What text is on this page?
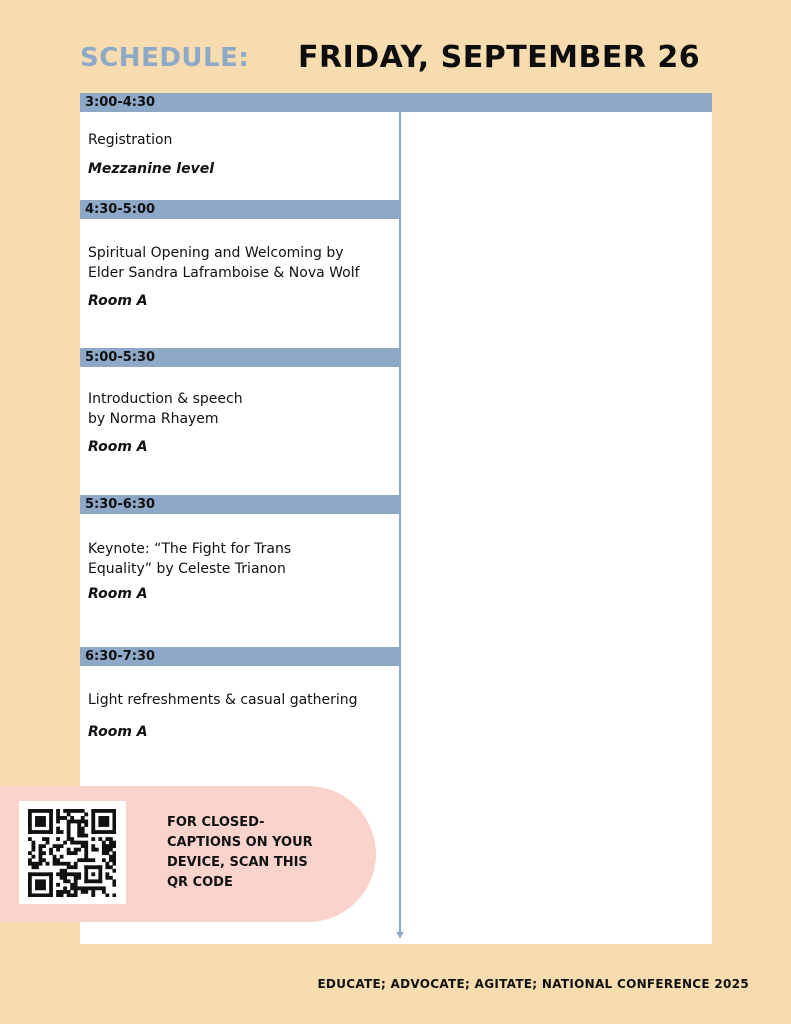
SCHEDULE: FRIDAY, SEPTEMBER 26
3:00-4:30
Registration
Mezzanine level
4:30-5:00
Spiritual Opening and Welcoming by Elder Sandra Laframboise & Nova Wolf
Room A
5:00-5:30
Introduction & speech
by Norma Rhayem
Room A
5:30-6:30
Keynote: “The Fight for Trans Equality” by Celeste Trianon
Room A
6:30-7:30
Light refreshments & casual gathering
Room A
FOR CLOSED-
CAPTIONS ON YOUR
DEVICE, SCAN THIS
QR CODE
EDUCATE; ADVOCATE; AGITATE; NATIONAL CONFERENCE 2025
